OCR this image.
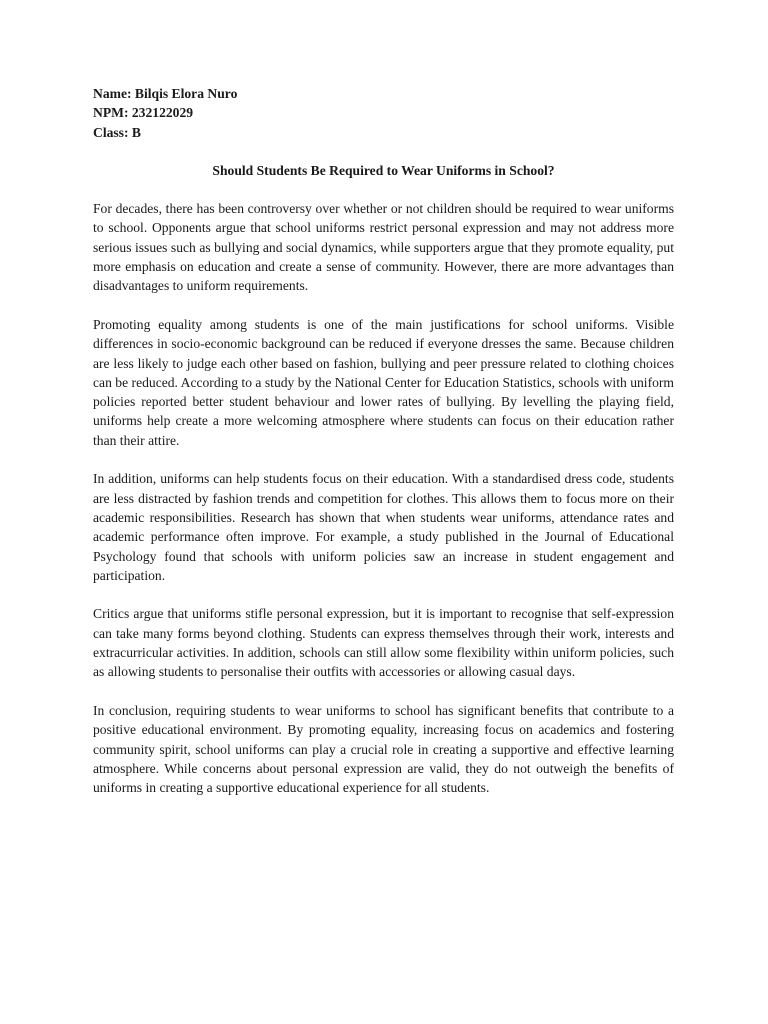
Name: Bilqis Elora Nuro

NPM: 232122029

Class: B

Should Students Be Required to Wear Uniforms in School?

For decades, there has been controversy over whether or not children should be required to wear uniforms to school. Opponents argue that school uniforms restrict personal expression and may not address more serious issues such as bullying and social dynamics, while supporters argue that they promote equality, put more emphasis on education and create a sense of community. However, there are more advantages than disadvantages to uniform requirements.

Promoting equality among students is one of the main justifications for school uniforms. Visible differences in socio-economic background can be reduced if everyone dresses the same. Because children are less likely to judge each other based on fashion, bullying and peer pressure related to clothing choices can be reduced. According to a study by the National Center for Education Statistics, schools with uniform policies reported better student behaviour and lower rates of bullying. By levelling the playing field, uniforms help create a more welcoming atmosphere where students can focus on their education rather than their attire.

In addition, uniforms can help students focus on their education. With a standardised dress code, students are less distracted by fashion trends and competition for clothes. This allows them to focus more on their academic responsibilities. Research has shown that when students wear uniforms, attendance rates and academic performance often improve. For example, a study published in the Journal of Educational Psychology found that schools with uniform policies saw an increase in student engagement and participation.

Critics argue that uniforms stifle personal expression, but it is important to recognise that self-expression can take many forms beyond clothing. Students can express themselves through their work, interests and extracurricular activities. In addition, schools can still allow some flexibility within uniform policies, such as allowing students to personalise their outfits with accessories or allowing casual days.

In conclusion, requiring students to wear uniforms to school has significant benefits that contribute to a positive educational environment. By promoting equality, increasing focus on academics and fostering community spirit, school uniforms can play a crucial role in creating a supportive and effective learning atmosphere. While concerns about personal expression are valid, they do not outweigh the benefits of uniforms in creating a supportive educational experience for all students.
